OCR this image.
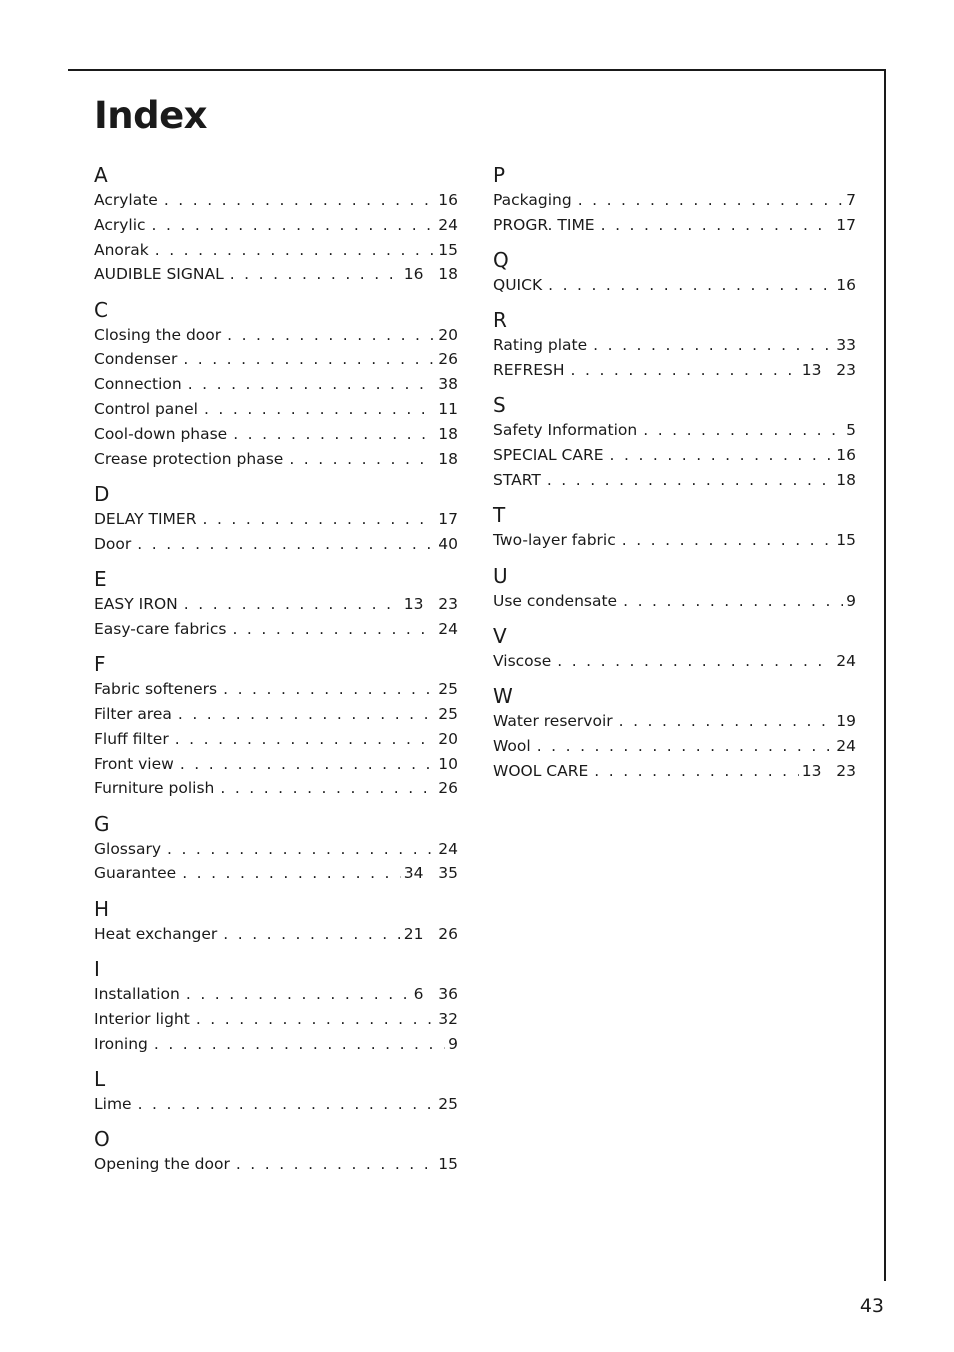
Index
A
Acrylate . . .	16
Acrylic . . .	24
Anorak . . .	15
AUDIBLE SIGNAL . . .	16   18
C
Closing the door . . .	20
Condenser . . .	26
Connection . . .	38
Control panel . . .	11
Cool-down phase . . .	18
Crease protection phase . . .	18
D
DELAY TIMER . . .	17
Door . . .	40
E
EASY IRON . . .	13   23
Easy-care fabrics . . .	24
F
Fabric softeners . . .	25
Filter area . . .	25
Fluff filter . . .	20
Front view . . .	10
Furniture polish . . .	26
G
Glossary . . .	24
Guarantee . . .	34   35
H
Heat exchanger . . .	21   26
I
Installation . . .	6   36
Interior light . . .	32
Ironing . . .	9
L
Lime . . .	25
O
Opening the door . . .	15
P
Packaging . . .	7
PROGR. TIME . . .	17
Q
QUICK . . .	16
R
Rating plate . . .	33
REFRESH . . .	13   23
S
Safety Information . . .	5
SPECIAL CARE . . .	16
START . . .	18
T
Two-layer fabric . . .	15
U
Use condensate . . .	9
V
Viscose . . .	24
W
Water reservoir . . .	19
Wool . . .	24
WOOL CARE . . .	13   23

43
